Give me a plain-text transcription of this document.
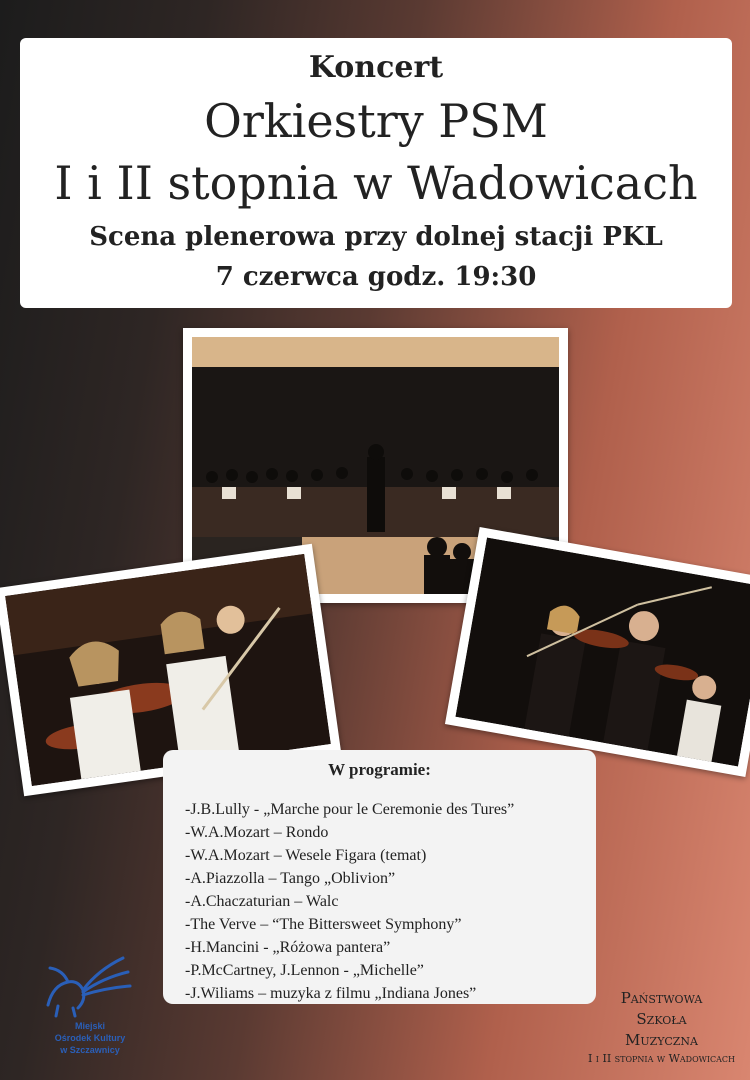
Koncert
Orkiestry PSM
I i II stopnia w Wadowicach
Scena plenerowa przy dolnej stacji PKL
7 czerwca godz. 19:30
W programie:
-J.B.Lully - „Marche pour le Ceremonie des Tures”
-W.A.Mozart – Rondo
-W.A.Mozart – Wesele Figara (temat)
-A.Piazzolla – Tango „Oblivion”
-A.Chaczaturian – Walc
-The Verve – “The Bittersweet Symphony”
-H.Mancini - „Różowa pantera”
-P.McCartney, J.Lennon - „Michelle”
-J.Wiliams – muzyka z filmu „Indiana Jones”
Miejski
Ośrodek Kultury
w Szczawnicy
Państwowa
Szkoła
Muzyczna
I i II stopnia w Wadowicach
